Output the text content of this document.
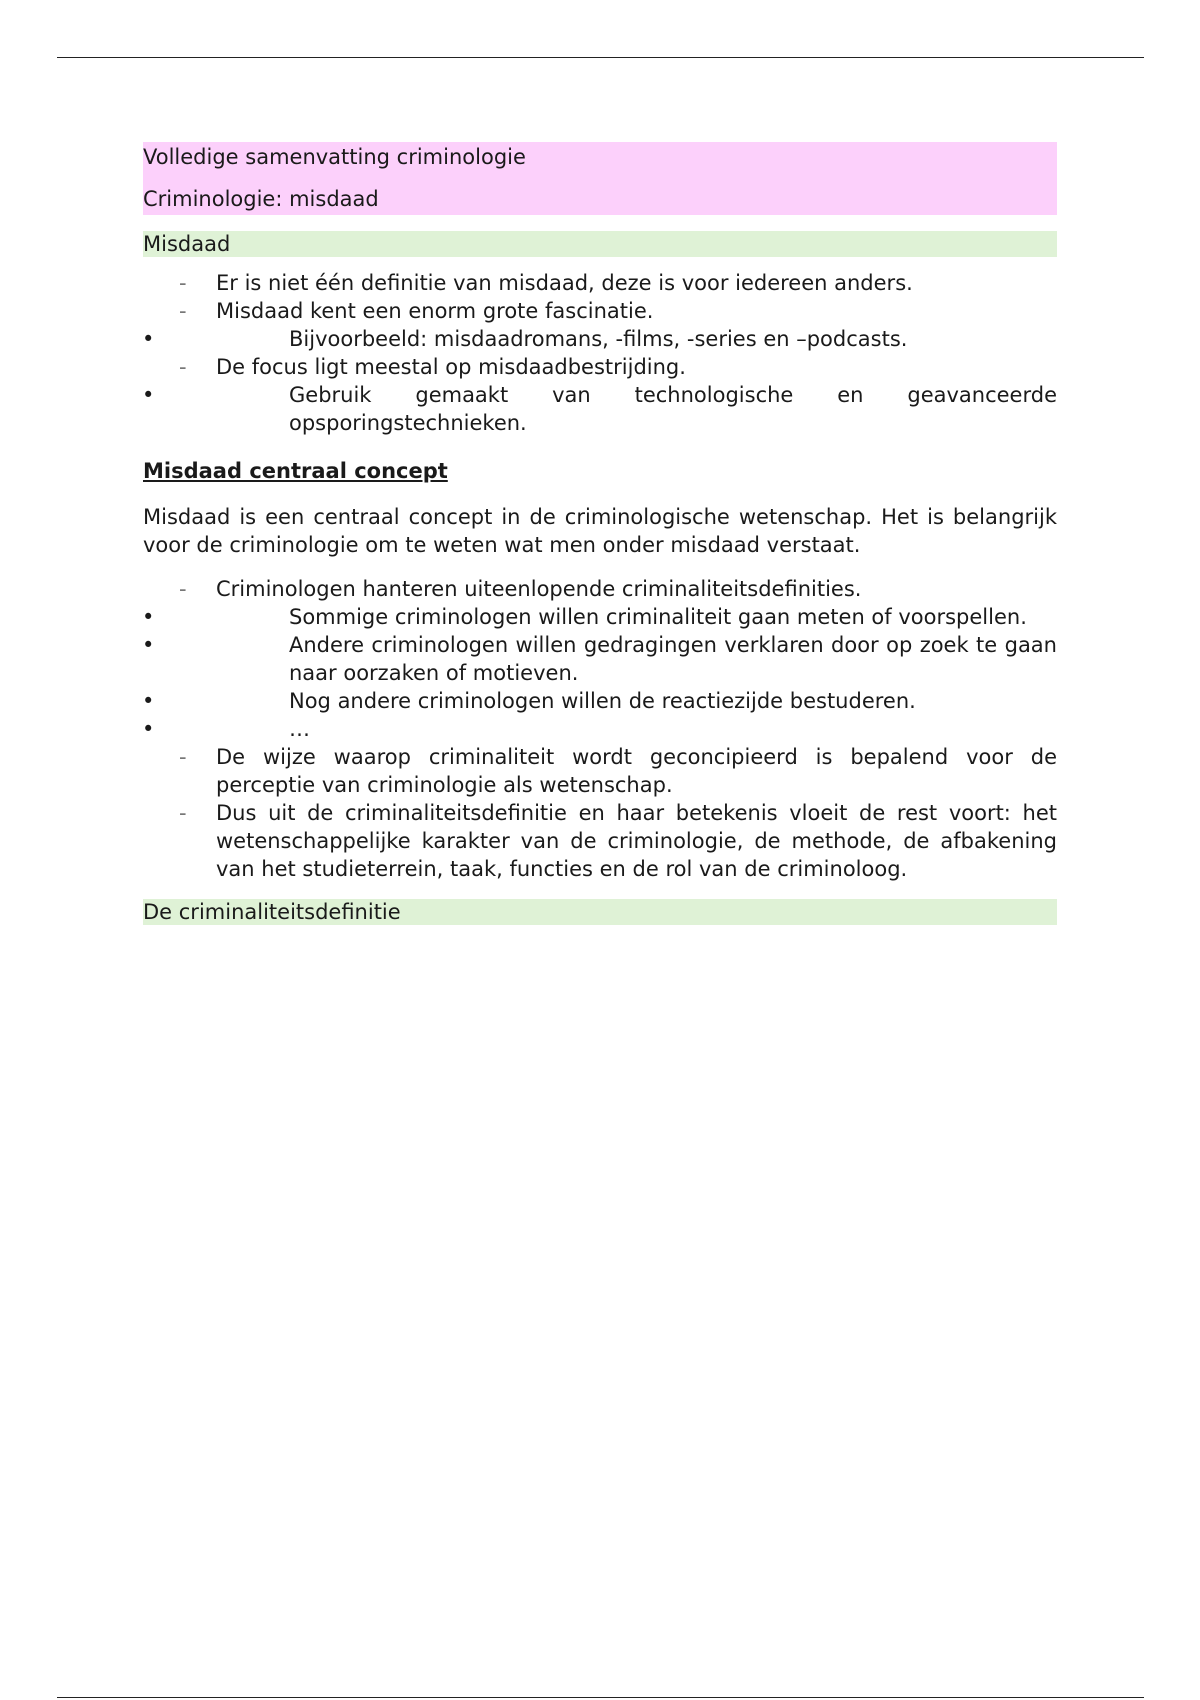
Volledige samenvatting criminologie

Criminologie: misdaad

Misdaad
- Er is niet één definitie van misdaad, deze is voor iedereen anders.
- Misdaad kent een enorm grote fascinatie.
• Bijvoorbeeld: misdaadromans, -films, -series en –podcasts.
- De focus ligt meestal op misdaadbestrijding.
• Gebruik gemaakt van technologische en geavanceerde opsporingstechnieken.

Misdaad centraal concept

Misdaad is een centraal concept in de criminologische wetenschap. Het is belangrijk voor de criminologie om te weten wat men onder misdaad verstaat.

- Criminologen hanteren uiteenlopende criminaliteitsdefinities.
• Sommige criminologen willen criminaliteit gaan meten of voorspellen.
• Andere criminologen willen gedragingen verklaren door op zoek te gaan naar oorzaken of motieven.
• Nog andere criminologen willen de reactiezijde bestuderen.
• …
- De wijze waarop criminaliteit wordt geconcipieerd is bepalend voor de perceptie van criminologie als wetenschap.
- Dus uit de criminaliteitsdefinitie en haar betekenis vloeit de rest voort: het wetenschappelijke karakter van de criminologie, de methode, de afbakening van het studieterrein, taak, functies en de rol van de criminoloog.
De criminaliteitsdefinitie
